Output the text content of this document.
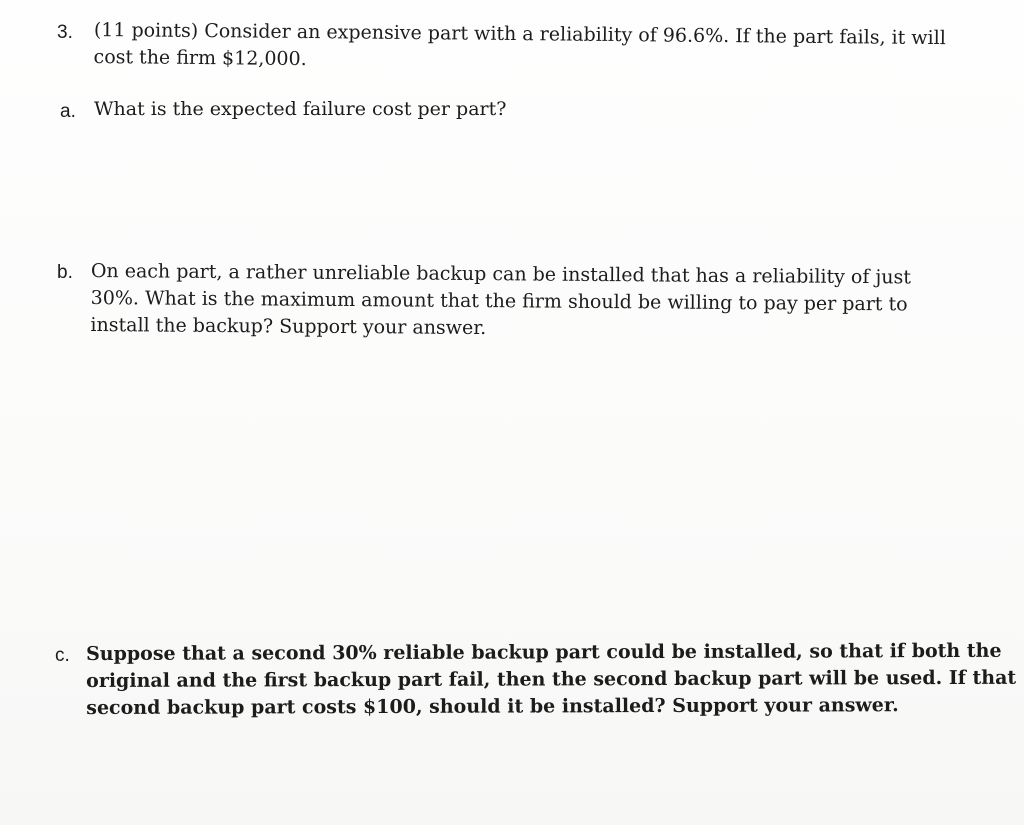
3. (11 points) Consider an expensive part with a reliability of 96.6%. If the part fails, it will
cost the firm $12,000.
a. What is the expected failure cost per part?
b. On each part, a rather unreliable backup can be installed that has a reliability of just
30%. What is the maximum amount that the firm should be willing to pay per part to
install the backup? Support your answer.
c. Suppose that a second 30% reliable backup part could be installed, so that if both the
original and the first backup part fail, then the second backup part will be used. If that
second backup part costs $100, should it be installed? Support your answer.
